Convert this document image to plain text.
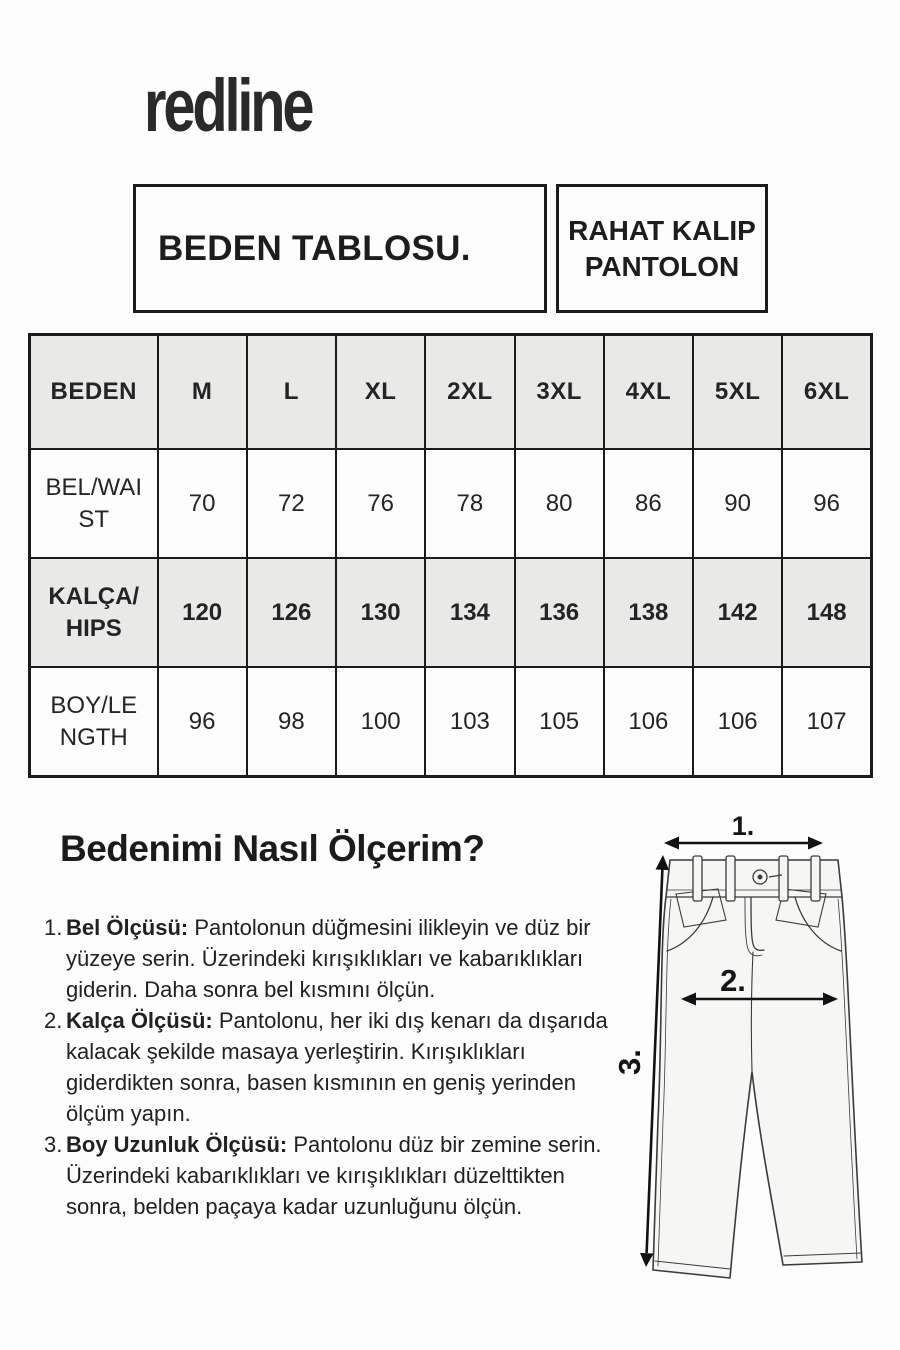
redline
BEDEN TABLOSU.	RAHAT KALIP
PANTOLON
BEDEN	M	L	XL	2XL	3XL	4XL	5XL	6XL

BEL/WAI
ST	70	72	76	78	80	86	90	96

KALÇA/
HIPS	120	126	130	134	136	138	142	148

BOY/LE
NGTH	96	98	100	103	105	106	106	107
Bedenimi Nasıl Ölçerim?
1. Bel Ölçüsü: Pantolonun düğmesini ilikleyin ve düz bir yüzeye serin. Üzerindeki kırışıklıkları ve kabarıklıkları giderin. Daha sonra bel kısmını ölçün.
2. Kalça Ölçüsü: Pantolonu, her iki dış kenarı da dışarıda kalacak şekilde masaya yerleştirin. Kırışıklıkları giderdikten sonra, basen kısmının en geniş yerinden ölçüm yapın.
3. Boy Uzunluk Ölçüsü: Pantolonu düz bir zemine serin. Üzerindeki kabarıklıkları ve kırışıklıkları düzelttikten sonra, belden paçaya kadar uzunluğunu ölçün.
1.
2.
3.
